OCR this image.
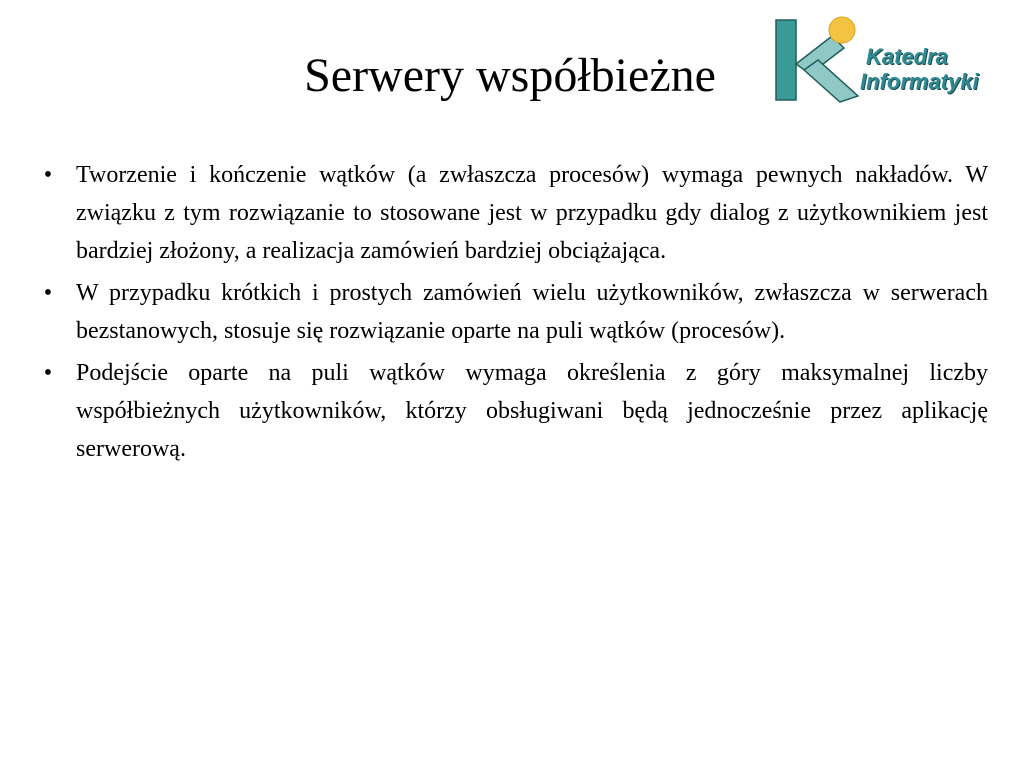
Serwery współbieżne	Katedra
Informatyki
• Tworzenie i kończenie wątków (a zwłaszcza procesów) wymaga pewnych nakładów. W związku z tym rozwiązanie to stosowane jest w przypadku gdy dialog z użytkownikiem jest bardziej złożony, a realizacja zamówień bardziej obciążająca.
• W przypadku krótkich i prostych zamówień wielu użytkowników, zwłaszcza w serwerach bezstanowych, stosuje się rozwiązanie oparte na puli wątków (procesów).
• Podejście oparte na puli wątków wymaga określenia z góry maksymalnej liczby współbieżnych użytkowników, którzy obsługiwani będą jednocześnie przez aplikację serwerową.
